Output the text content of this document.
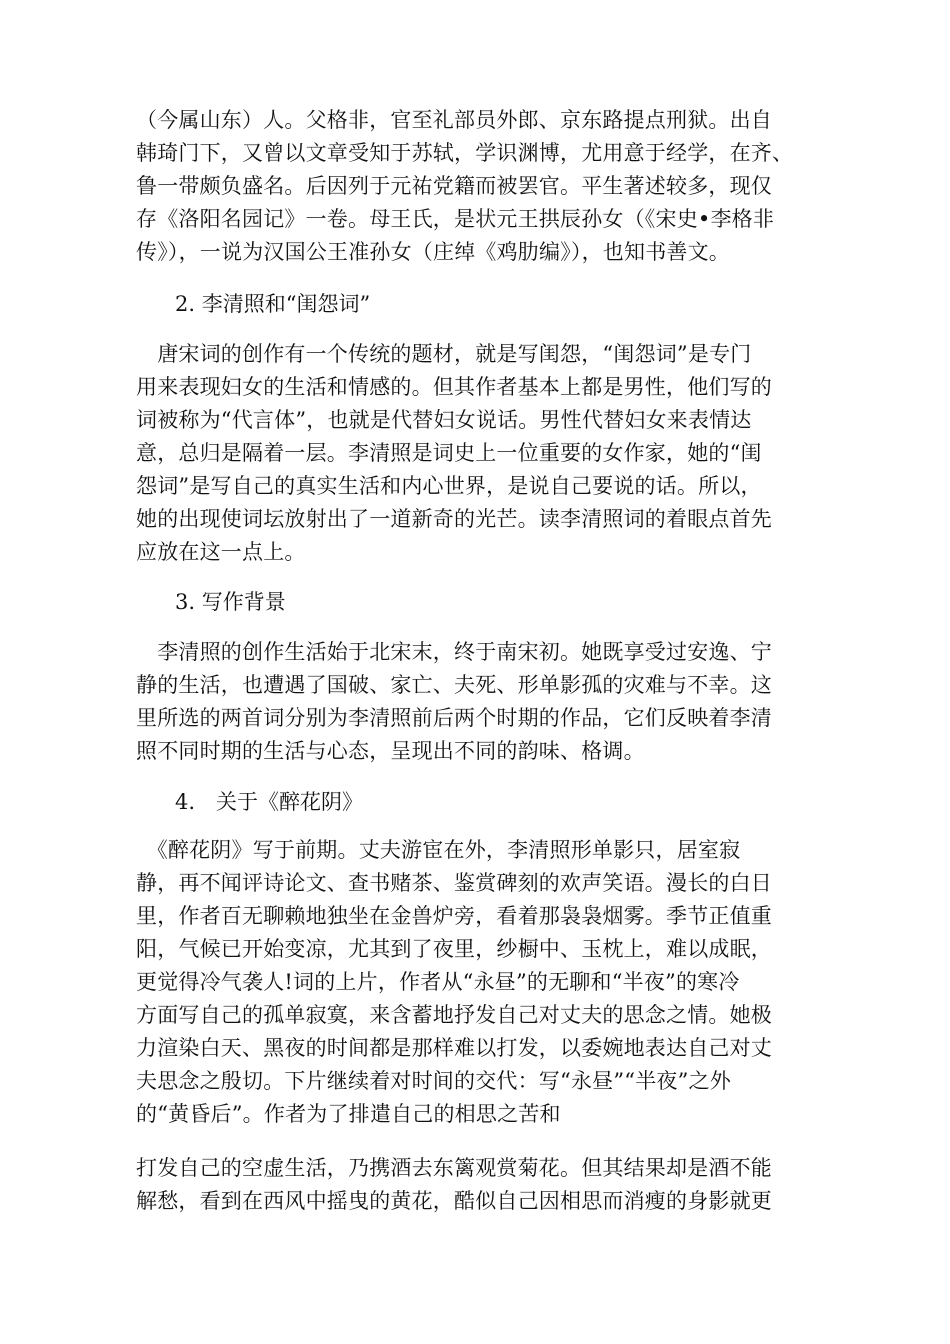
（今属山东）人。父格非，官至礼部员外郎、京东路提点刑狱。出自
韩琦门下，又曾以文章受知于苏轼，学识渊博，尤用意于经学，在齐、
鲁一带颇负盛名。后因列于元祐党籍而被罢官。平生著述较多，现仅
存《洛阳名园记》一卷。母王氏，是状元王拱辰孙女（《宋史•李格非
传》），一说为汉国公王准孙女（庄绰《鸡肋编》），也知书善文。
2. 李清照和“闺怨词”
　唐宋词的创作有一个传统的题材，就是写闺怨，“闺怨词”是专门
用来表现妇女的生活和情感的。但其作者基本上都是男性，他们写的
词被称为“代言体”，也就是代替妇女说话。男性代替妇女来表情达
意，总归是隔着一层。李清照是词史上一位重要的女作家，她的“闺
怨词”是写自己的真实生活和内心世界，是说自己要说的话。所以，
她的出现使词坛放射出了一道新奇的光芒。读李清照词的着眼点首先
应放在这一点上。
3. 写作背景
　李清照的创作生活始于北宋末，终于南宋初。她既享受过安逸、宁
静的生活，也遭遇了国破、家亡、夫死、形单影孤的灾难与不幸。这
里所选的两首词分别为李清照前后两个时期的作品，它们反映着李清
照不同时期的生活与心态，呈现出不同的韵味、格调。
4.　关于《醉花阴》
　《醉花阴》写于前期。丈夫游宦在外，李清照形单影只，居室寂
静，再不闻评诗论文、查书赌茶、鉴赏碑刻的欢声笑语。漫长的白日
里，作者百无聊赖地独坐在金兽炉旁，看着那袅袅烟雾。季节正值重
阳，气候已开始变凉，尤其到了夜里，纱橱中、玉枕上，难以成眠，
更觉得冷气袭人!词的上片，作者从“永昼”的无聊和“半夜”的寒冷
方面写自己的孤单寂寞，来含蓄地抒发自己对丈夫的思念之情。她极
力渲染白天、黑夜的时间都是那样难以打发，以委婉地表达自己对丈
夫思念之殷切。下片继续着对时间的交代：写“永昼”“半夜”之外
的“黄昏后”。作者为了排遣自己的相思之苦和
打发自己的空虚生活，乃携酒去东篱观赏菊花。但其结果却是酒不能
解愁，看到在西风中摇曳的黄花，酷似自己因相思而消瘦的身影就更
